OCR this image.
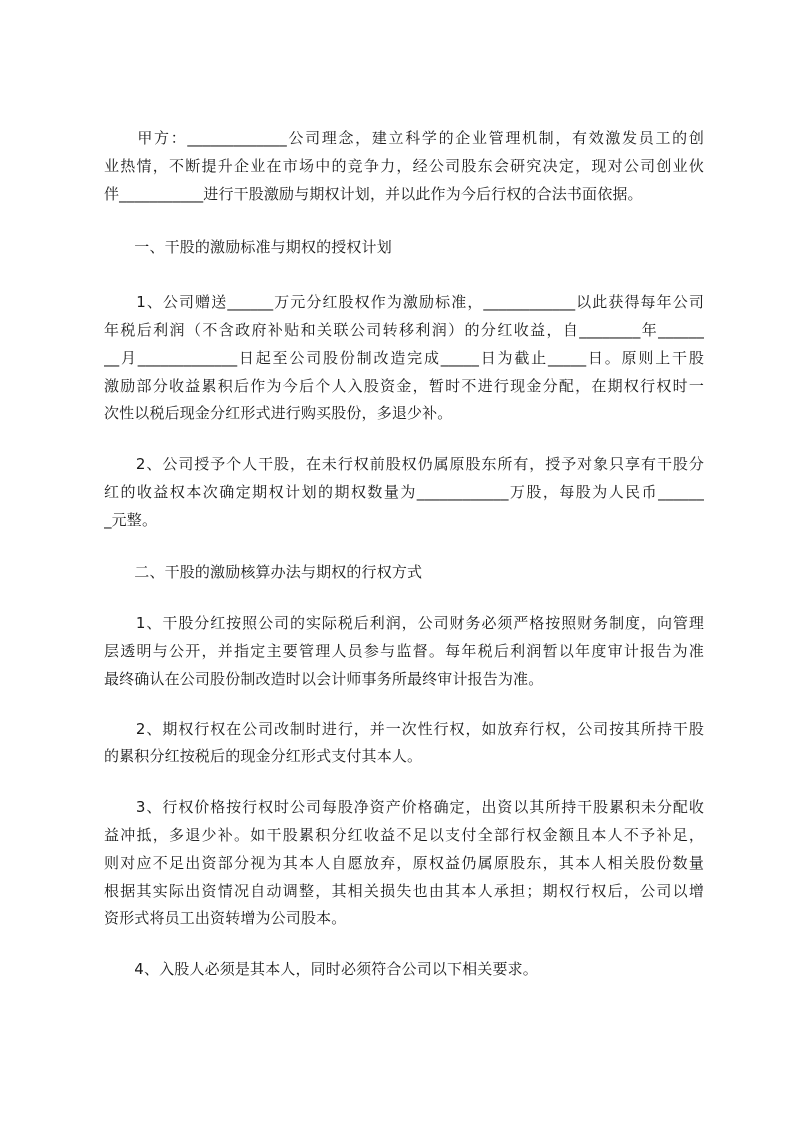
　　甲方：_____________公司理念，建立科学的企业管理机制，有效激发员工的创
业热情，不断提升企业在市场中的竞争力，经公司股东会研究决定，现对公司创业伙
伴___________进行干股激励与期权计划，并以此作为今后行权的合法书面依据。
　　一、干股的激励标准与期权的授权计划
　　1、公司赠送______万元分红股权作为激励标准，____________以此获得每年公司
年税后利润（不含政府补贴和关联公司转移利润）的分红收益，自________年______
__月_____________日起至公司股份制改造完成_____日为截止_____日。原则上干股
激励部分收益累积后作为今后个人入股资金，暂时不进行现金分配，在期权行权时一
次性以税后现金分红形式进行购买股份，多退少补。
　　2、公司授予个人干股，在未行权前股权仍属原股东所有，授予对象只享有干股分
红的收益权本次确定期权计划的期权数量为____________万股，每股为人民币______
_元整。
　　二、干股的激励核算办法与期权的行权方式
　　1、干股分红按照公司的实际税后利润，公司财务必须严格按照财务制度，向管理
层透明与公开，并指定主要管理人员参与监督。每年税后利润暂以年度审计报告为准
最终确认在公司股份制改造时以会计师事务所最终审计报告为准。
　　2、期权行权在公司改制时进行，并一次性行权，如放弃行权，公司按其所持干股
的累积分红按税后的现金分红形式支付其本人。
　　3、行权价格按行权时公司每股净资产价格确定，出资以其所持干股累积未分配收
益冲抵，多退少补。如干股累积分红收益不足以支付全部行权金额且本人不予补足，
则对应不足出资部分视为其本人自愿放弃，原权益仍属原股东，其本人相关股份数量
根据其实际出资情况自动调整，其相关损失也由其本人承担；期权行权后，公司以增
资形式将员工出资转增为公司股本。
　　4、入股人必须是其本人，同时必须符合公司以下相关要求。
